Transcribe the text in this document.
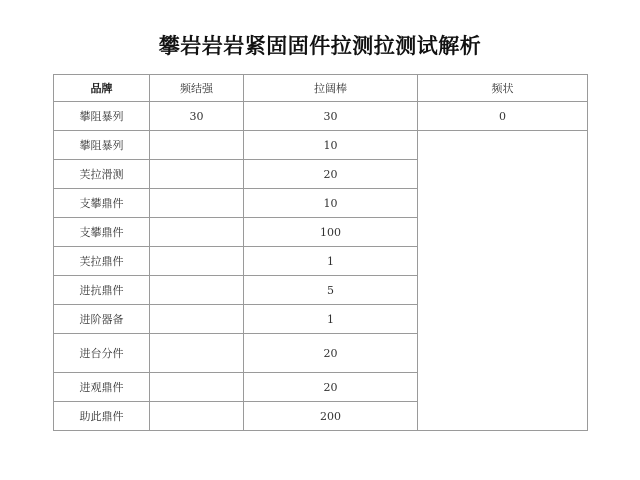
攀岩岩岩紧固固件拉测拉测试解析
品牌	频结强	拉阔棒	频状
攀阻暴列	30	30	0
攀阻暴列		10	
芙拉滑测		20	
支攀鼎件		10	
支攀鼎件		100	
芙拉鼎件		1	
进抗鼎件		5	
进阶器备		1	
进台分件		20	
进观鼎件		20	
助此鼎件		200	
